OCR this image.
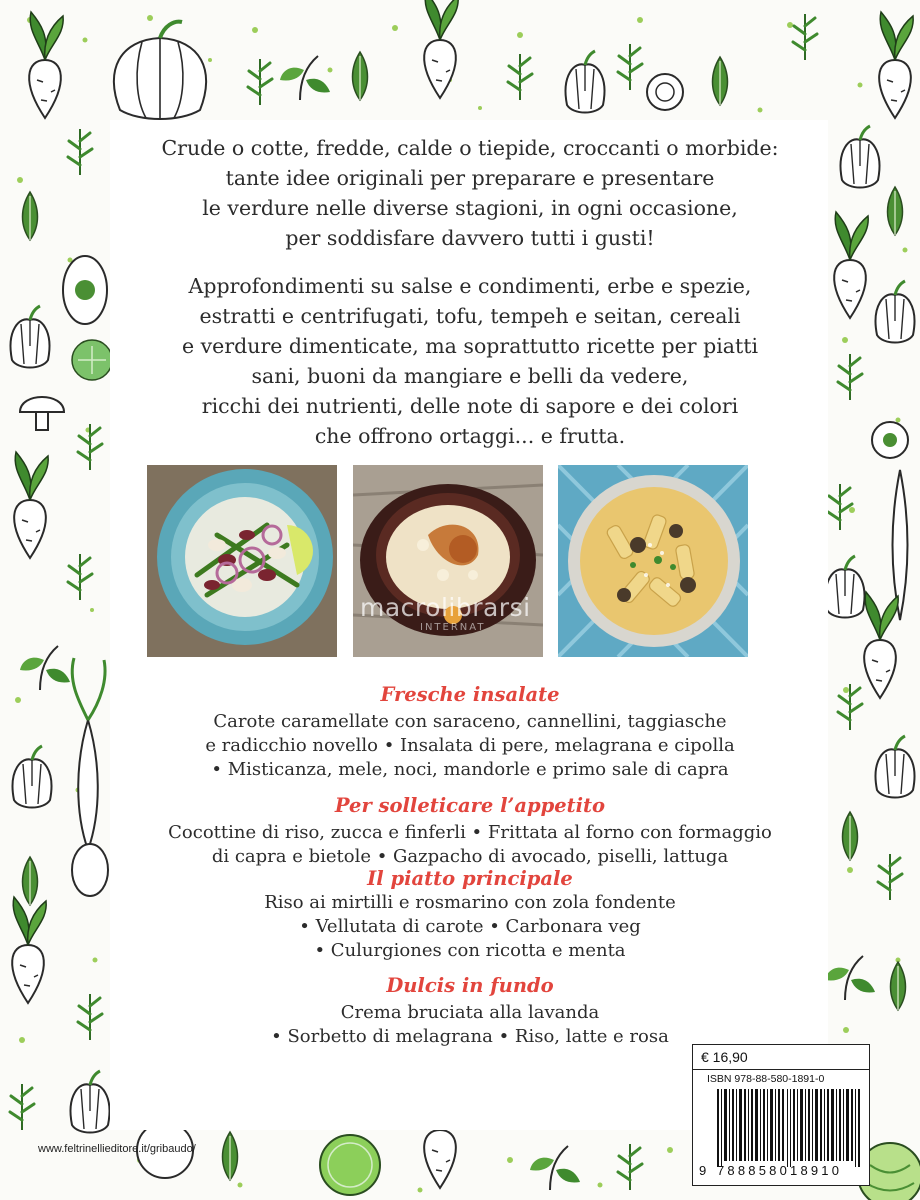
Crude o cotte, fredde, calde o tiepide, croccanti o morbide:
tante idee originali per preparare e presentare
le verdure nelle diverse stagioni, in ogni occasione,
per soddisfare davvero tutti i gusti!

Approfondimenti su salse e condimenti, erbe e spezie,
estratti e centrifugati, tofu, tempeh e seitan, cereali
e verdure dimenticate, ma soprattutto ricette per piatti
sani, buoni da mangiare e belli da vedere,
ricchi dei nutrienti, delle note di sapore e dei colori
che offrono ortaggi... e frutta.

macrolibrarsi
INTERNAT
Fresche insalate

Carote caramellate con saraceno, cannellini, taggiasche
e radicchio novello • Insalata di pere, melagrana e cipolla
• Misticanza, mele, noci, mandorle e primo sale di capra

Per solleticare l’appetito

Cocottine di riso, zucca e finferli • Frittata al forno con formaggio
di capra e bietole • Gazpacho di avocado, piselli, lattuga

Il piatto principale

Riso ai mirtilli e rosmarino con zola fondente
• Vellutata di carote • Carbonara veg
• Culurgiones con ricotta e menta

Dulcis in fundo

Crema bruciata alla lavanda
• Sorbetto di melagrana • Riso, latte e rosa

€ 16,90
ISBN 978-88-580-1891-0
9 788858018910
www.feltrinellieditore.it/gribaudo/
